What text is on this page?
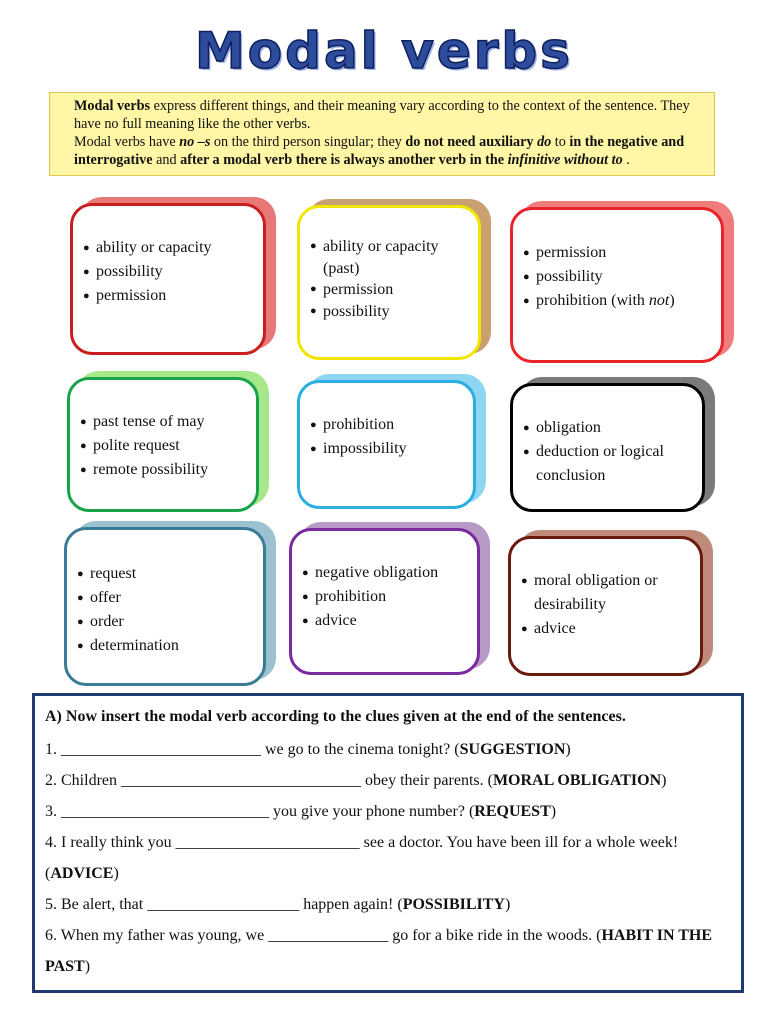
Modal verbs

Modal verbs express different things, and their meaning vary according to the context of the sentence. They have no full meaning like the other verbs.

Modal verbs have no –s on the third person singular; they do not need auxiliary do to in the negative and interrogative and after a modal verb there is always another verb in the infinitive without to .

● ability or capacity
● possibility
● permission
● ability or capacity (past)
● permission
● possibility
● permission
● possibility
● prohibition (with not)
● past tense of may
● polite request
● remote possibility
● prohibition
● impossibility
● obligation
● deduction or logical conclusion
● request
● offer
● order
● determination
● negative obligation
● prohibition
● advice
● moral obligation or desirability
● advice
A) Now insert the modal verb according to the clues given at the end of the sentences.
1. _________________________ we go to the cinema tonight? (SUGGESTION)
2. Children ______________________________ obey their parents. (MORAL OBLIGATION)
3. __________________________ you give your phone number? (REQUEST)
4. I really think you _______________________ see a doctor. You have been ill for a whole week! (ADVICE)
5. Be alert, that ___________________ happen again! (POSSIBILITY)
6. When my father was young, we _______________ go for a bike ride in the woods. (HABIT IN THE PAST)
